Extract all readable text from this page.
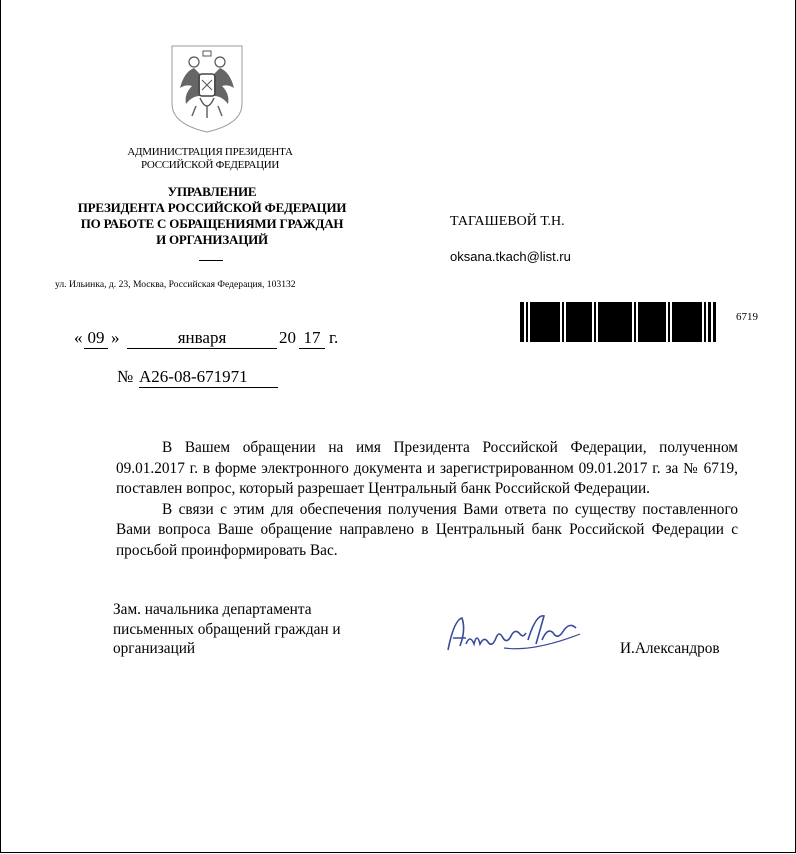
АДМИНИСТРАЦИЯ ПРЕЗИДЕНТА
РОССИЙСКОЙ ФЕДЕРАЦИИ
УПРАВЛЕНИЕ
ПРЕЗИДЕНТА РОССИЙСКОЙ ФЕДЕРАЦИИ
ПО РАБОТЕ С ОБРАЩЕНИЯМИ ГРАЖДАН
И ОРГАНИЗАЦИЙ
ул. Ильинка, д. 23, Москва, Российская Федерация, 103132
ТАГАШЕВОЙ Т.Н.
oksana.tkach@list.ru
6719
« 09 »	января	20 17 г.
№ А26-08-671971

В Вашем обращении на имя Президента Российской Федерации, полученном 09.01.2017 г. в форме электронного документа и зарегистрированном 09.01.2017 г. за № 6719, поставлен вопрос, который разрешает Центральный банк Российской Федерации.

В связи с этим для обеспечения получения Вами ответа по существу поставленного Вами вопроса Ваше обращение направлено в Центральный банк Российской Федерации с просьбой проинформировать Вас.

Зам. начальника департамента
письменных обращений граждан и
организаций	И.Александров
